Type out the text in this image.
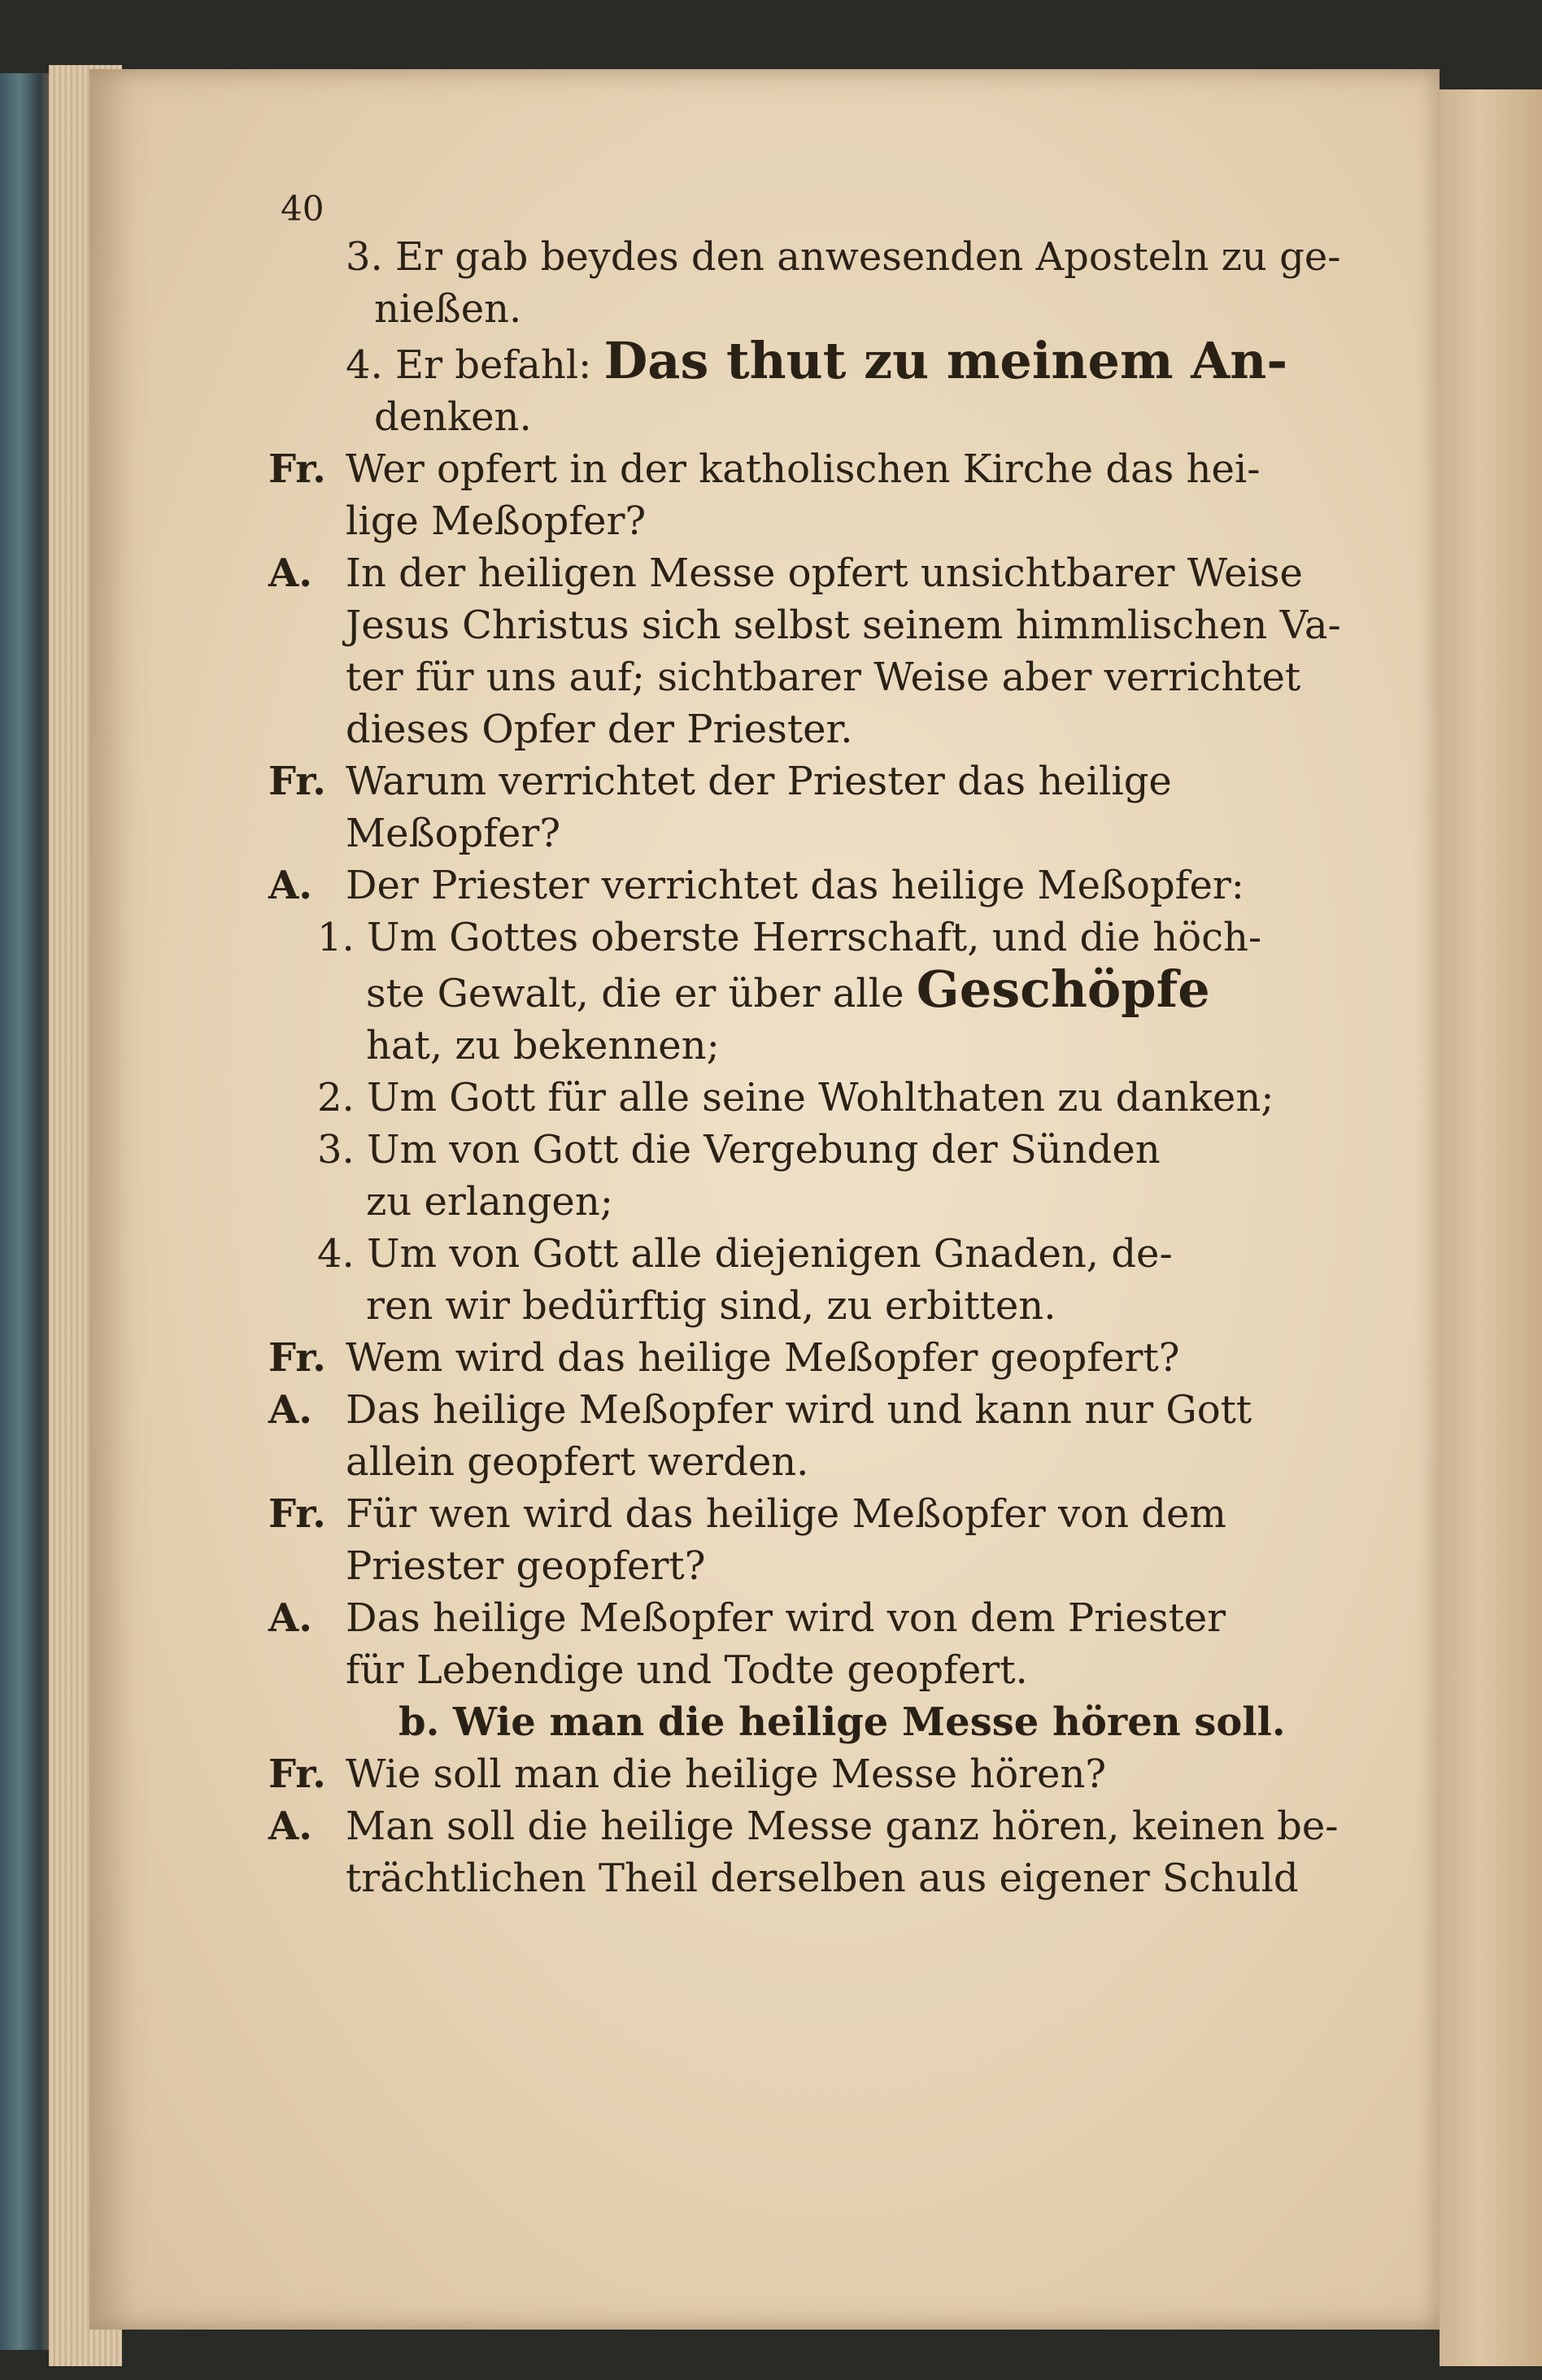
40
3. Er gab beydes den anwesenden Aposteln zu ge-
nießen.
4. Er befahl: Das thut zu meinem An-
denken.
Fr. Wer opfert in der katholischen Kirche das hei-
lige Meßopfer?
A. In der heiligen Messe opfert unsichtbarer Weise
Jesus Christus sich selbst seinem himmlischen Va-
ter für uns auf; sichtbarer Weise aber verrichtet
dieses Opfer der Priester.
Fr. Warum verrichtet der Priester das heilige
Meßopfer?
A. Der Priester verrichtet das heilige Meßopfer:
1. Um Gottes oberste Herrschaft, und die höch-
ste Gewalt, die er über alle Geschöpfe
hat, zu bekennen;
2. Um Gott für alle seine Wohlthaten zu danken;
3. Um von Gott die Vergebung der Sünden
zu erlangen;
4. Um von Gott alle diejenigen Gnaden, de-
ren wir bedürftig sind, zu erbitten.
Fr. Wem wird das heilige Meßopfer geopfert?
A. Das heilige Meßopfer wird und kann nur Gott
allein geopfert werden.
Fr. Für wen wird das heilige Meßopfer von dem
Priester geopfert?
A. Das heilige Meßopfer wird von dem Priester
für Lebendige und Todte geopfert.
b. Wie man die heilige Messe hören soll.
Fr. Wie soll man die heilige Messe hören?
A. Man soll die heilige Messe ganz hören, keinen be-
trächtlichen Theil derselben aus eigener Schuld
